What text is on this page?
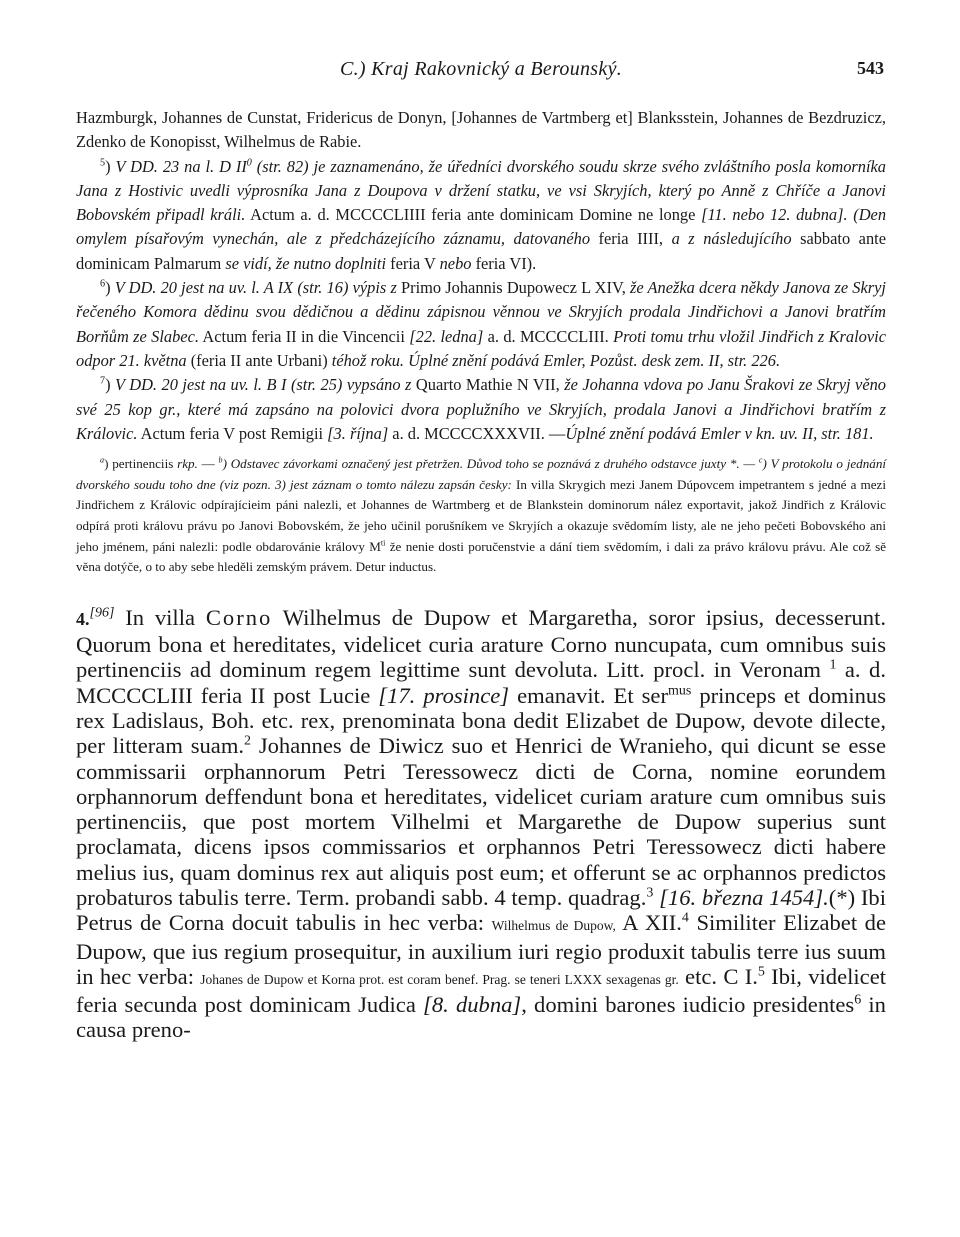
C.) Kraj Rakovnický a Berounský.	543

Hazmburgk, Johannes de Cunstat, Fridericus de Donyn, [Johannes de Vartmberg et] Blanksstein, Johannes de Bezdruzicz, Zdenko de Konopisst, Wilhelmus de Rabie.

$^5$) V DD. 23 na l. D $II^0$ (str. 82) je zaznamenáno, že úředníci dvorského soudu skrze svého zvláštního posla komorníka Jana z Hostivic uvedli výprosníka Jana z Doupova v držení statku, ve vsi Skryjích, který po Anně z Chříče a Janovi Bobovském připadl králi. Actum a. d. MCCCCLIIII feria ante dominicam Domine ne longe [11. nebo 12. dubna]. (Den omylem písařovým vynechán, ale z předcházejícího záznamu, datovaného feria IIII, a z následujícího sabbato ante dominicam Palmarum se vidí, že nutno doplniti feria V nebo feria VI).

$^6$) V DD. 20 jest na uv. l. A IX (str. 16) výpis z Primo Johannis Dupowecz L XIV, že Anežka dcera někdy Janova ze Skryj řečeného Komora dědinu svou dědičnou a dědinu zápisnou věnnou ve Skryjích prodala Jindřichovi a Janovi bratřím Borňům ze Slabec. Actum feria II in die Vincencii [22. ledna] a. d. MCCCCLIII. Proti tomu trhu vložil Jindřich z Kralovic odpor 21. května (feria II ante Urbani) téhož roku. Úplné znění podává Emler, Pozůst. desk zem. II, str. 226.

$^7$) V DD. 20 jest na uv. l. B I (str. 25) vypsáno z Quarto Mathie N VII, že Johanna vdova po Janu Šrakovi ze Skryj věno své 25 kop gr., které má zapsáno na polovici dvora poplužního ve Skryjích, prodala Janovi a Jindřichovi bratřím z Královic. Actum feria V post Remigii [3. října] a. d. MCCCCXXXVII. —Úplné znění podává Emler v kn. uv. II, str. 181.

$^a$) pertinenciis rkp. — $^b$) Odstavec závorkami označený jest přetržen. Důvod toho se poznává z druhého odstavce juxty *. — $^c$) V protokolu o jednání dvorského soudu toho dne (viz pozn. 3) jest záznam o tomto nálezu zapsán česky: In villa Skrygich mezi Janem Dúpovcem impetrantem s jedné a mezi Jindřichem z Královic odpírajícieim páni nalezli, et Johannes de Wartmberg et de Blankstein dominorum nález exportavit, jakož Jindřich z Královic odpírá proti královu právu po Janovi Bobovském, že jeho učinil porušníkem ve Skryjích a okazuje svědomím listy, ale ne jeho pečeti Bobovského ani jeho jménem, páni nalezli: podle obdarovánie královy $M^{ti}$ že nenie dosti poručenstvie a dání tiem svědomím, i dali za právo královu právu. Ale což sě věna dotýče, o to aby sebe hleděli zemským právem. Detur inductus.

4.[96] In villa Corno Wilhelmus de Dupow et Margaretha, soror ipsius, decesserunt. Quorum bona et hereditates, videlicet curia arature Corno nuncupata, cum omnibus suis pertinenciis ad dominum regem legittime sunt devoluta. Litt. procl. in Veronam $^1$ a. d. MCCCCLIII feria II post Lucie [17. prosince] emanavit. Et ser$^{mus}$ princeps et dominus rex Ladislaus, Boh. etc. rex, prenominata bona dedit Elizabet de Dupow, devote dilecte, per litteram suam.$^2$ Johannes de Diwicz suo et Henrici de Wranieho, qui dicunt se esse commissarii orphannorum Petri Teressowecz dicti de Corna, nomine eorundem orphannorum deffendunt bona et hereditates, videlicet curiam arature cum omnibus suis pertinenciis, que post mortem Vilhelmi et Margarethe de Dupow superius sunt proclamata, dicens ipsos commissarios et orphannos Petri Teressowecz dicti habere melius ius, quam dominus rex aut aliquis post eum; et offerunt se ac orphannos predictos probaturos tabulis terre. Term. probandi sabb. 4 temp. quadrag.$^3$ [16. března 1454].(*) Ibi Petrus de Corna docuit tabulis in hec verba: Wilhelmus de Dupow, A XII.$^4$ Similiter Elizabet de Dupow, que ius regium prosequitur, in auxilium iuri regio produxit tabulis terre ius suum in hec verba: Johanes de Dupow et Korna prot. est coram benef. Prag. se teneri LXXX sexagenas gr. etc. C I.$^5$ Ibi, videlicet feria secunda post dominicam Judica [8. dubna], domini barones iudicio presidentes$^6$ in causa preno-
